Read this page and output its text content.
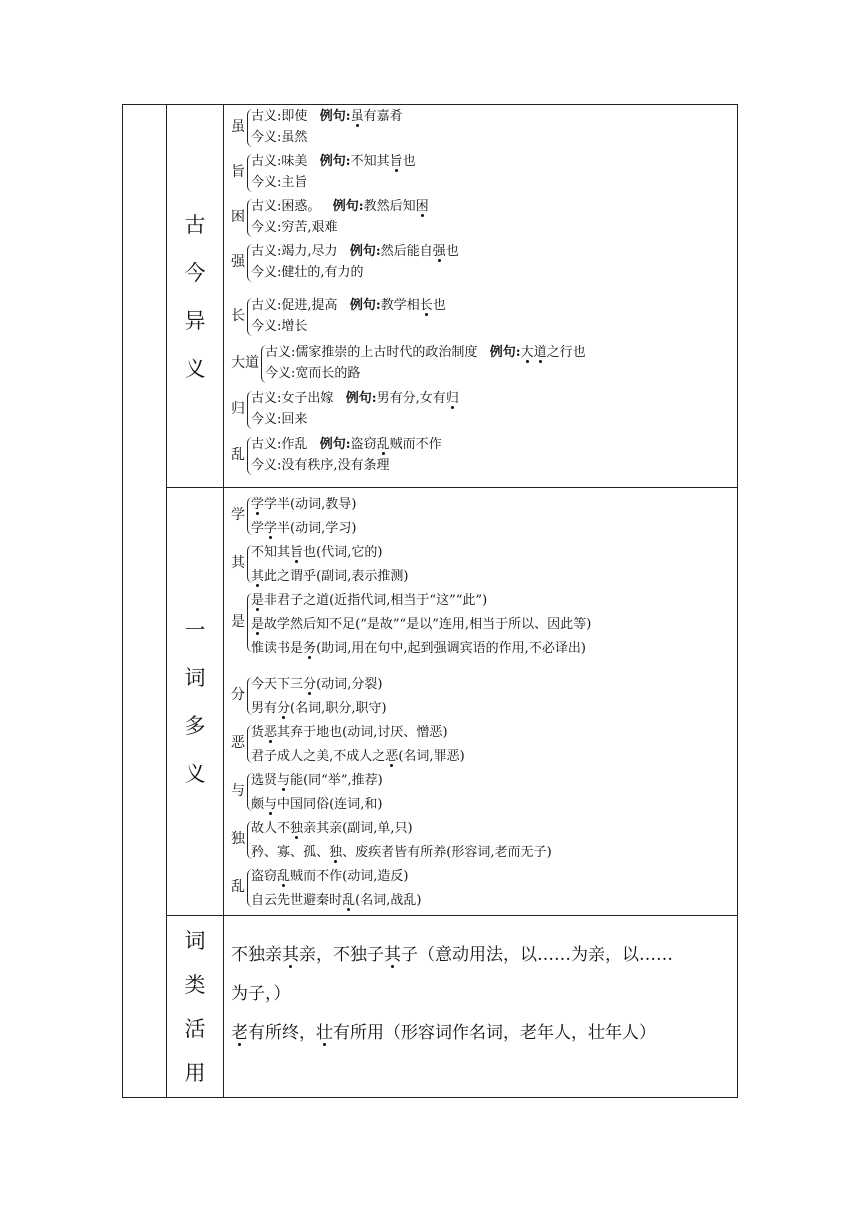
古
今
异
义
一
词
多
义
词
类
活
用
虽
古义:即使   例句:虽有嘉肴
今义:虽然
旨
古义:味美   例句:不知其旨也
今义:主旨
困
古义:困惑。   例句:教然后知困
今义:穷苦,艰难
强
古义:竭力,尽力   例句:然后能自强也
今义:健壮的,有力的
长
古义:促进,提高   例句:教学相长也
今义:增长
大道
古义:儒家推崇的上古时代的政治制度   例句:大道之行也
今义:宽而长的路
归
古义:女子出嫁   例句:男有分,女有归
今义:回来
乱
古义:作乱   例句:盗窃乱贼而不作
今义:没有秩序,没有条理
学
学学半(动词,教导)
学学半(动词,学习)
其
不知其旨也(代词,它的)
其此之谓乎(副词,表示推测)
是
是非君子之道(近指代词,相当于“这”“此”)
是故学然后知不足(“是故”“是以”连用,相当于所以、因此等)
惟读书是务(助词,用在句中,起到强调宾语的作用,不必译出)
分
今天下三分(动词,分裂)
男有分(名词,职分,职守)
恶
货恶其弃于地也(动词,讨厌、憎恶)
君子成人之美,不成人之恶(名词,罪恶)
与
选贤与能(同“举”,推荐)
颇与中国同俗(连词,和)
独
故人不独亲其亲(副词,单,只)
矜、寡、孤、独、废疾者皆有所养(形容词,老而无子)
乱
盗窃乱贼而不作(动词,造反)
自云先世避秦时乱(名词,战乱)

不独亲其亲，不独子其子（意动用法，以……为亲，以……

为子，）

老有所终，壮有所用（形容词作名词，老年人，壮年人）
